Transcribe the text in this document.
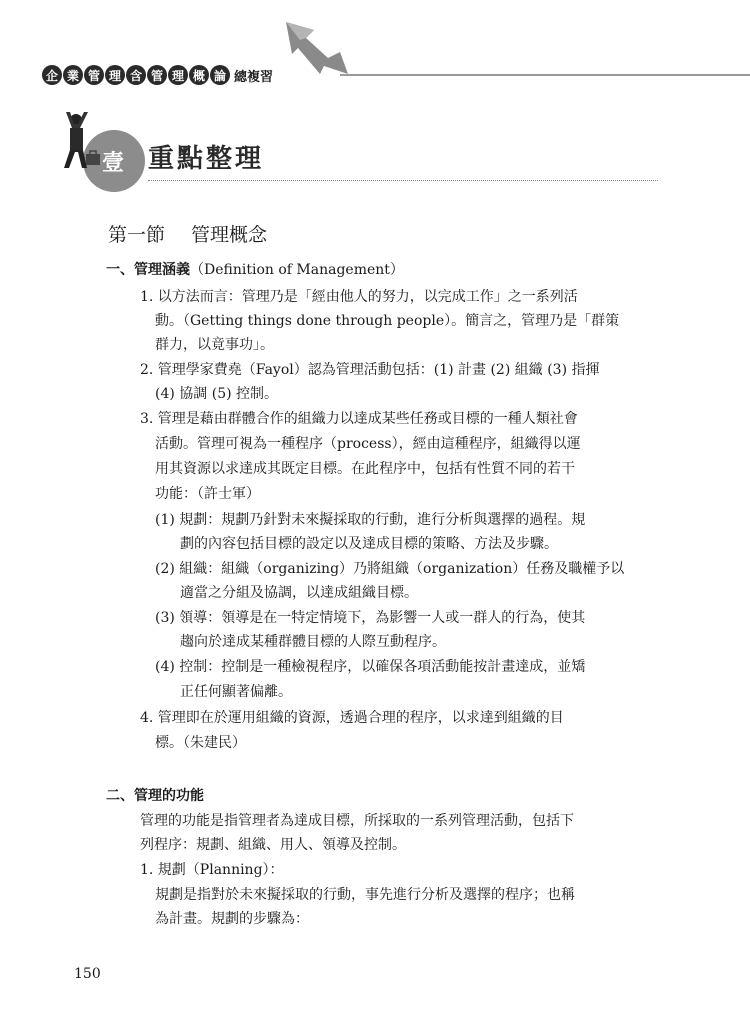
企 業 管 理 含 管 理 概 論 總複習
壹 重點整理
第一節 管理概念
一、管理涵義（Definition of Management）
1. 以方法而言：管理乃是「經由他人的努力，以完成工作」之一系列活
動。（Getting things done through people）。簡言之，管理乃是「群策
群力，以竟事功」。
2. 管理學家費堯（Fayol）認為管理活動包括：(1) 計畫 (2) 組織 (3) 指揮
(4) 協調 (5) 控制。
3. 管理是藉由群體合作的組織力以達成某些任務或目標的一種人類社會
活動。管理可視為一種程序（process），經由這種程序，組織得以運
用其資源以求達成其既定目標。在此程序中，包括有性質不同的若干
功能：（許士軍）
(1) 規劃：規劃乃針對未來擬採取的行動，進行分析與選擇的過程。規
劃的內容包括目標的設定以及達成目標的策略、方法及步驟。
(2) 組織：組織（organizing）乃將組織（organization）任務及職權予以
適當之分組及協調，以達成組織目標。
(3) 領導：領導是在一特定情境下，為影響一人或一群人的行為，使其
趨向於達成某種群體目標的人際互動程序。
(4) 控制：控制是一種檢視程序，以確保各項活動能按計畫達成，並矯
正任何顯著偏離。
4. 管理即在於運用組織的資源，透過合理的程序，以求達到組織的目
標。（朱建民）
二、管理的功能
管理的功能是指管理者為達成目標，所採取的一系列管理活動，包括下
列程序：規劃、組織、用人、領導及控制。
1. 規劃（Planning）：
規劃是指對於未來擬採取的行動，事先進行分析及選擇的程序；也稱
為計畫。規劃的步驟為：
150
